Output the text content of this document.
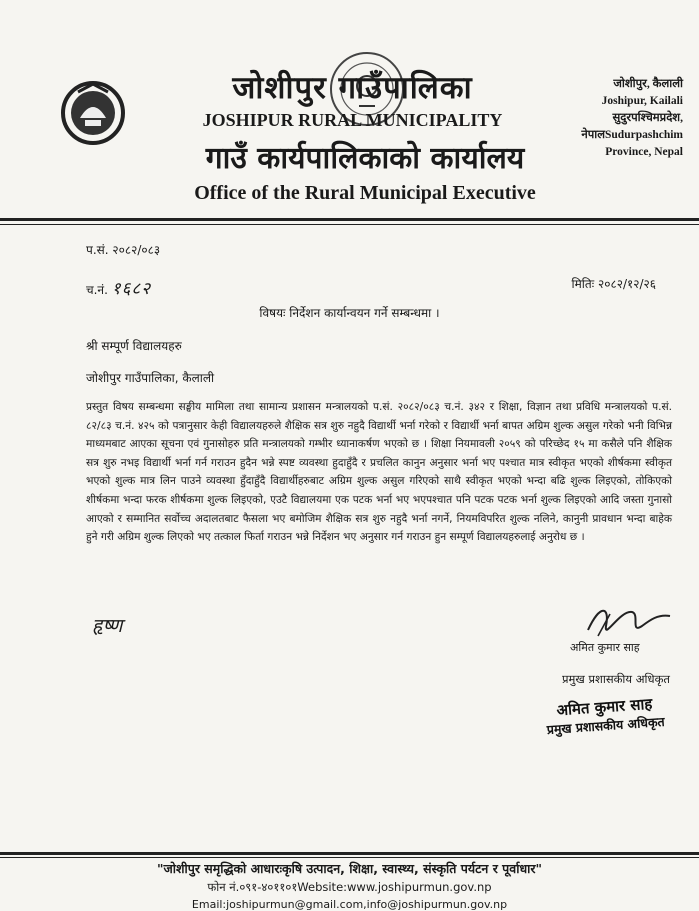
जोशीपुर गाउँपालिका
JOSHIPUR RURAL MUNICIPALITY
गाउँ कार्यपालिकाको कार्यालय
Office of the Rural Municipal Executive
जोशीपुर, कैलाली
Joshipur, Kailali
सुदुरपश्चिमप्रदेश,
नेपालSudurpashchim
Province, Nepal
प.सं. २०८२/०८३
च.नं. १६८२	मितिः २०८२/१२/२६
विषयः निर्देशन कार्यान्वयन गर्ने सम्बन्धमा ।
श्री सम्पूर्ण विद्यालयहरु
जोशीपुर गाउँपालिका, कैलाली
प्रस्तुत विषय सम्बन्धमा सङ्घीय मामिला तथा सामान्य प्रशासन मन्त्रालयको प.सं. २०८२/०८३ च.नं. ३४२ र शिक्षा, विज्ञान तथा प्रविधि मन्त्रालयको प.सं. ८२/८३ च.नं. ४२५ को पत्रानुसार केही विद्यालयहरुले शैक्षिक सत्र शुरु नहुदै विद्यार्थी भर्ना गरेको र विद्यार्थी भर्ना बापत अग्रिम शुल्क असुल गरेको भनी विभिन्न माध्यमबाट आएका सूचना एवं गुनासोहरु प्रति मन्त्रालयको गम्भीर ध्यानाकर्षण भएको छ । शिक्षा नियमावली २०५९ को परिच्छेद १५ मा कसैले पनि शैक्षिक सत्र शुरु नभइ विद्यार्थी भर्ना गर्न गराउन हुदैन भन्ने स्पष्ट व्यवस्था हुदाहुँदै र प्रचलित कानुन अनुसार भर्ना भए पश्चात मात्र स्वीकृत भएको शीर्षकमा स्वीकृत भएको शुल्क मात्र लिन पाउने व्यवस्था हुँदाहुँदै विद्यार्थीहरुबाट अग्रिम शुल्क असुल गरिएको साथै स्वीकृत भएको भन्दा बढि शुल्क लिइएको, तोकिएको शीर्षकमा भन्दा फरक शीर्षकमा शुल्क लिइएको, एउटै विद्यालयमा एक पटक भर्ना भए भएपश्चात पनि पटक पटक भर्ना शुल्क लिइएको आदि जस्ता गुनासो आएको र सम्मानित सर्वोच्च अदालतबाट फैसला भए बमोजिम शैक्षिक सत्र शुरु नहुदै भर्ना नगर्ने, नियमविपरित शुल्क नलिने, कानुनी प्रावधान भन्दा बाहेक हुने गरी अग्रिम शुल्क लिएको भए तत्काल फिर्ता गराउन भन्ने निर्देशन भए अनुसार गर्न गराउन हुन सम्पूर्ण विद्यालयहरुलाई अनुरोध छ ।
हृष्ण
अमित कुमार साह
प्रमुख प्रशासकीय अधिकृत
अमित कुमार साह
प्रमुख प्रशासकीय अधिकृत
"जोशीपुर समृद्धिको आधारःकृषि उत्पादन, शिक्षा, स्वास्थ्य, संस्कृति पर्यटन र पूर्वाधार"
फोन नं.०९१-४०११०१Website:www.joshipurmun.gov.np
Email:joshipurmun@gmail.com,info@joshipurmun.gov.np
